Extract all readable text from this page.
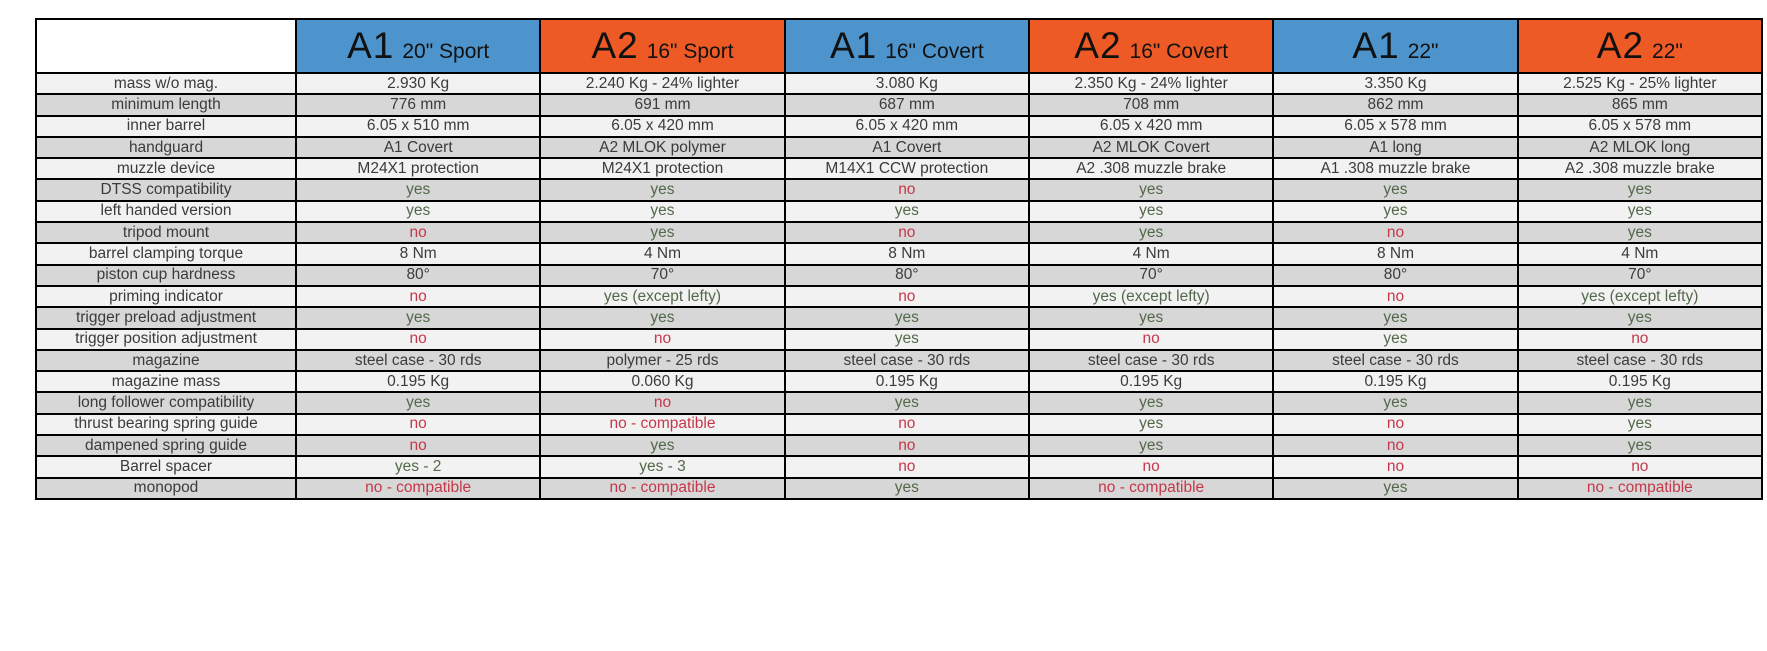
	A1 20" Sport	A2 16" Sport	A1 16" Covert	A2 16" Covert	A1 22"	A2 22"
mass w/o mag.	2.930 Kg	2.240 Kg - 24% lighter	3.080 Kg	2.350 Kg - 24% lighter	3.350 Kg	2.525 Kg - 25% lighter
minimum length	776 mm	691 mm	687 mm	708 mm	862 mm	865 mm
inner barrel	6.05 x 510 mm	6.05 x 420 mm	6.05 x 420 mm	6.05 x 420 mm	6.05 x 578 mm	6.05 x 578 mm
handguard	A1 Covert	A2 MLOK polymer	A1 Covert	A2 MLOK Covert	A1 long	A2 MLOK long
muzzle device	M24X1 protection	M24X1 protection	M14X1 CCW protection	A2 .308 muzzle brake	A1 .308 muzzle brake	A2 .308 muzzle brake
DTSS compatibility	yes	yes	no	yes	yes	yes
left handed version	yes	yes	yes	yes	yes	yes
tripod mount	no	yes	no	yes	no	yes
barrel clamping torque	8 Nm	4 Nm	8 Nm	4 Nm	8 Nm	4 Nm
piston cup hardness	80°	70°	80°	70°	80°	70°
priming indicator	no	yes (except lefty)	no	yes (except lefty)	no	yes (except lefty)
trigger preload adjustment	yes	yes	yes	yes	yes	yes
trigger position adjustment	no	no	yes	no	yes	no
magazine	steel case - 30 rds	polymer - 25 rds	steel case - 30 rds	steel case - 30 rds	steel case - 30 rds	steel case - 30 rds
magazine mass	0.195 Kg	0.060 Kg	0.195 Kg	0.195 Kg	0.195 Kg	0.195 Kg
long follower compatibility	yes	no	yes	yes	yes	yes
thrust bearing spring guide	no	no - compatible	no	yes	no	yes
dampened spring guide	no	yes	no	yes	no	yes
Barrel spacer	yes - 2	yes - 3	no	no	no	no
monopod	no - compatible	no - compatible	yes	no - compatible	yes	no - compatible
